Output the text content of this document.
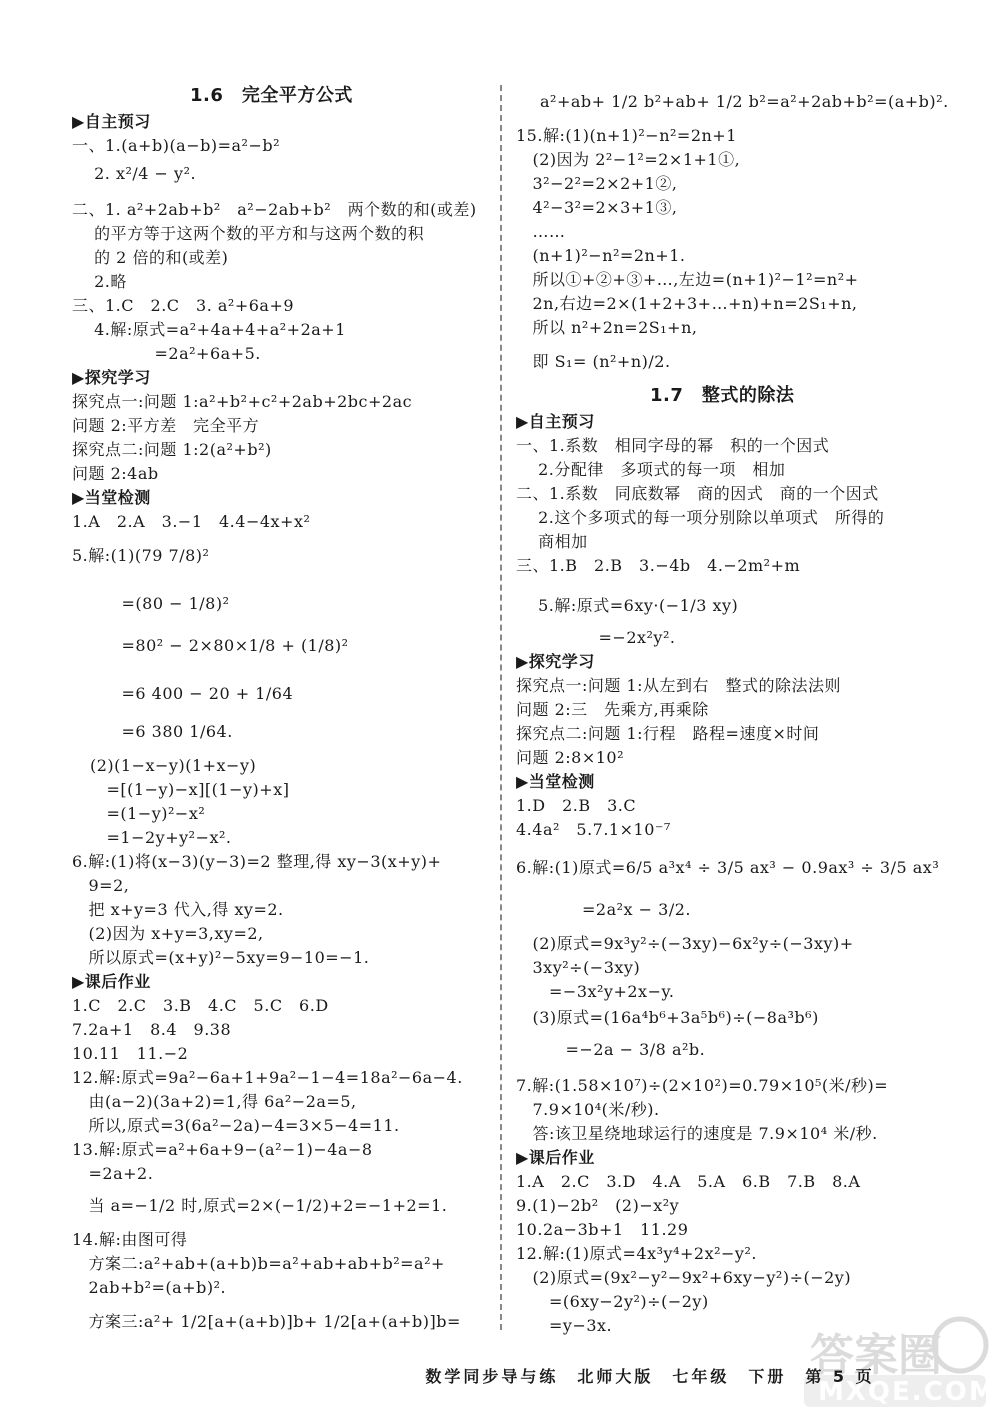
1.6　完全平方公式
▶自主预习
一、1.(a+b)(a−b)=a²−b²
　 2. x²/4 − y².
二、1. a²+2ab+b²　a²−2ab+b²　两个数的和(或差)
　 的平方等于这两个数的平方和与这两个数的积
　 的 2 倍的和(或差)
　 2.略
三、1.C　2.C　3. a²+6a+9
　 4.解:原式=a²+4a+4+a²+2a+1
　　　　　=2a²+6a+5.
▶探究学习
探究点一:问题 1:a²+b²+c²+2ab+2bc+2ac
问题 2:平方差　完全平方
探究点二:问题 1:2(a²+b²)
问题 2:4ab
▶当堂检测
1.A　2.A　3.−1　4.4−4x+x²
5.解:(1)(79 7/8)²
　　　=(80 − 1/8)²
　　　=80² − 2×80×1/8 + (1/8)²
　　　=6 400 − 20 + 1/64
　　　=6 380 1/64.
(2)(1−x−y)(1+x−y)
　=[(1−y)−x][(1−y)+x]
　=(1−y)²−x²
　=1−2y+y²−x².
6.解:(1)将(x−3)(y−3)=2 整理,得 xy−3(x+y)+
　9=2,
　把 x+y=3 代入,得 xy=2.
　(2)因为 x+y=3,xy=2,
　所以原式=(x+y)²−5xy=9−10=−1.
▶课后作业
1.C　2.C　3.B　4.C　5.C　6.D
7.2a+1　8.4　9.38
10.11　11.−2
12.解:原式=9a²−6a+1+9a²−1−4=18a²−6a−4.
　由(a−2)(3a+2)=1,得 6a²−2a=5,
　所以,原式=3(6a²−2a)−4=3×5−4=11.
13.解:原式=a²+6a+9−(a²−1)−4a−8
　=2a+2.
　当 a=−1/2 时,原式=2×(−1/2)+2=−1+2=1.
14.解:由图可得
　方案二:a²+ab+(a+b)b=a²+ab+ab+b²=a²+
　2ab+b²=(a+b)².
　方案三:a²+ 1/2[a+(a+b)]b+ 1/2[a+(a+b)]b=
a²+ab+ 1/2 b²+ab+ 1/2 b²=a²+2ab+b²=(a+b)².
15.解:(1)(n+1)²−n²=2n+1
　(2)因为 2²−1²=2×1+1①,
　3²−2²=2×2+1②,
　4²−3²=2×3+1③,
　……
　(n+1)²−n²=2n+1.
　所以①+②+③+…,左边=(n+1)²−1²=n²+
　2n,右边=2×(1+2+3+…+n)+n=2S₁+n,
　所以 n²+2n=2S₁+n,
　即 S₁= (n²+n)/2.
1.7　整式的除法
▶自主预习
一、1.系数　相同字母的幂　积的一个因式
　 2.分配律　多项式的每一项　相加
二、1.系数　同底数幂　商的因式　商的一个因式
　 2.这个多项式的每一项分别除以单项式　所得的
　 商相加
三、1.B　2.B　3.−4b　4.−2m²+m
　 5.解:原式=6xy·(−1/3 xy)
　　　　　=−2x²y².
▶探究学习
探究点一:问题 1:从左到右　整式的除法法则
问题 2:三　先乘方,再乘除
探究点二:问题 1:行程　路程=速度×时间
问题 2:8×10²
▶当堂检测
1.D　2.B　3.C
4.4a²　5.7.1×10⁻⁷
6.解:(1)原式=6/5 a³x⁴ ÷ 3/5 ax³ − 0.9ax³ ÷ 3/5 ax³
　　　　=2a²x − 3/2.
　(2)原式=9x³y²÷(−3xy)−6x²y÷(−3xy)+
　3xy²÷(−3xy)
　　=−3x²y+2x−y.
　(3)原式=(16a⁴b⁶+3a⁵b⁶)÷(−8a³b⁶)
　　　=−2a − 3/8 a²b.
7.解:(1.58×10⁷)÷(2×10²)=0.79×10⁵(米/秒)=
　7.9×10⁴(米/秒).
　答:该卫星绕地球运行的速度是 7.9×10⁴ 米/秒.
▶课后作业
1.A　2.C　3.D　4.A　5.A　6.B　7.B　8.A
9.(1)−2b²　(2)−x²y
10.2a−3b+1　11.29
12.解:(1)原式=4x³y⁴+2x²−y².
　(2)原式=(9x²−y²−9x²+6xy−y²)÷(−2y)
　　=(6xy−2y²)÷(−2y)
　　=y−3x.
答案圈
MXQE.COM
数学同步导与练　北师大版　七年级　下册　第 5 页
